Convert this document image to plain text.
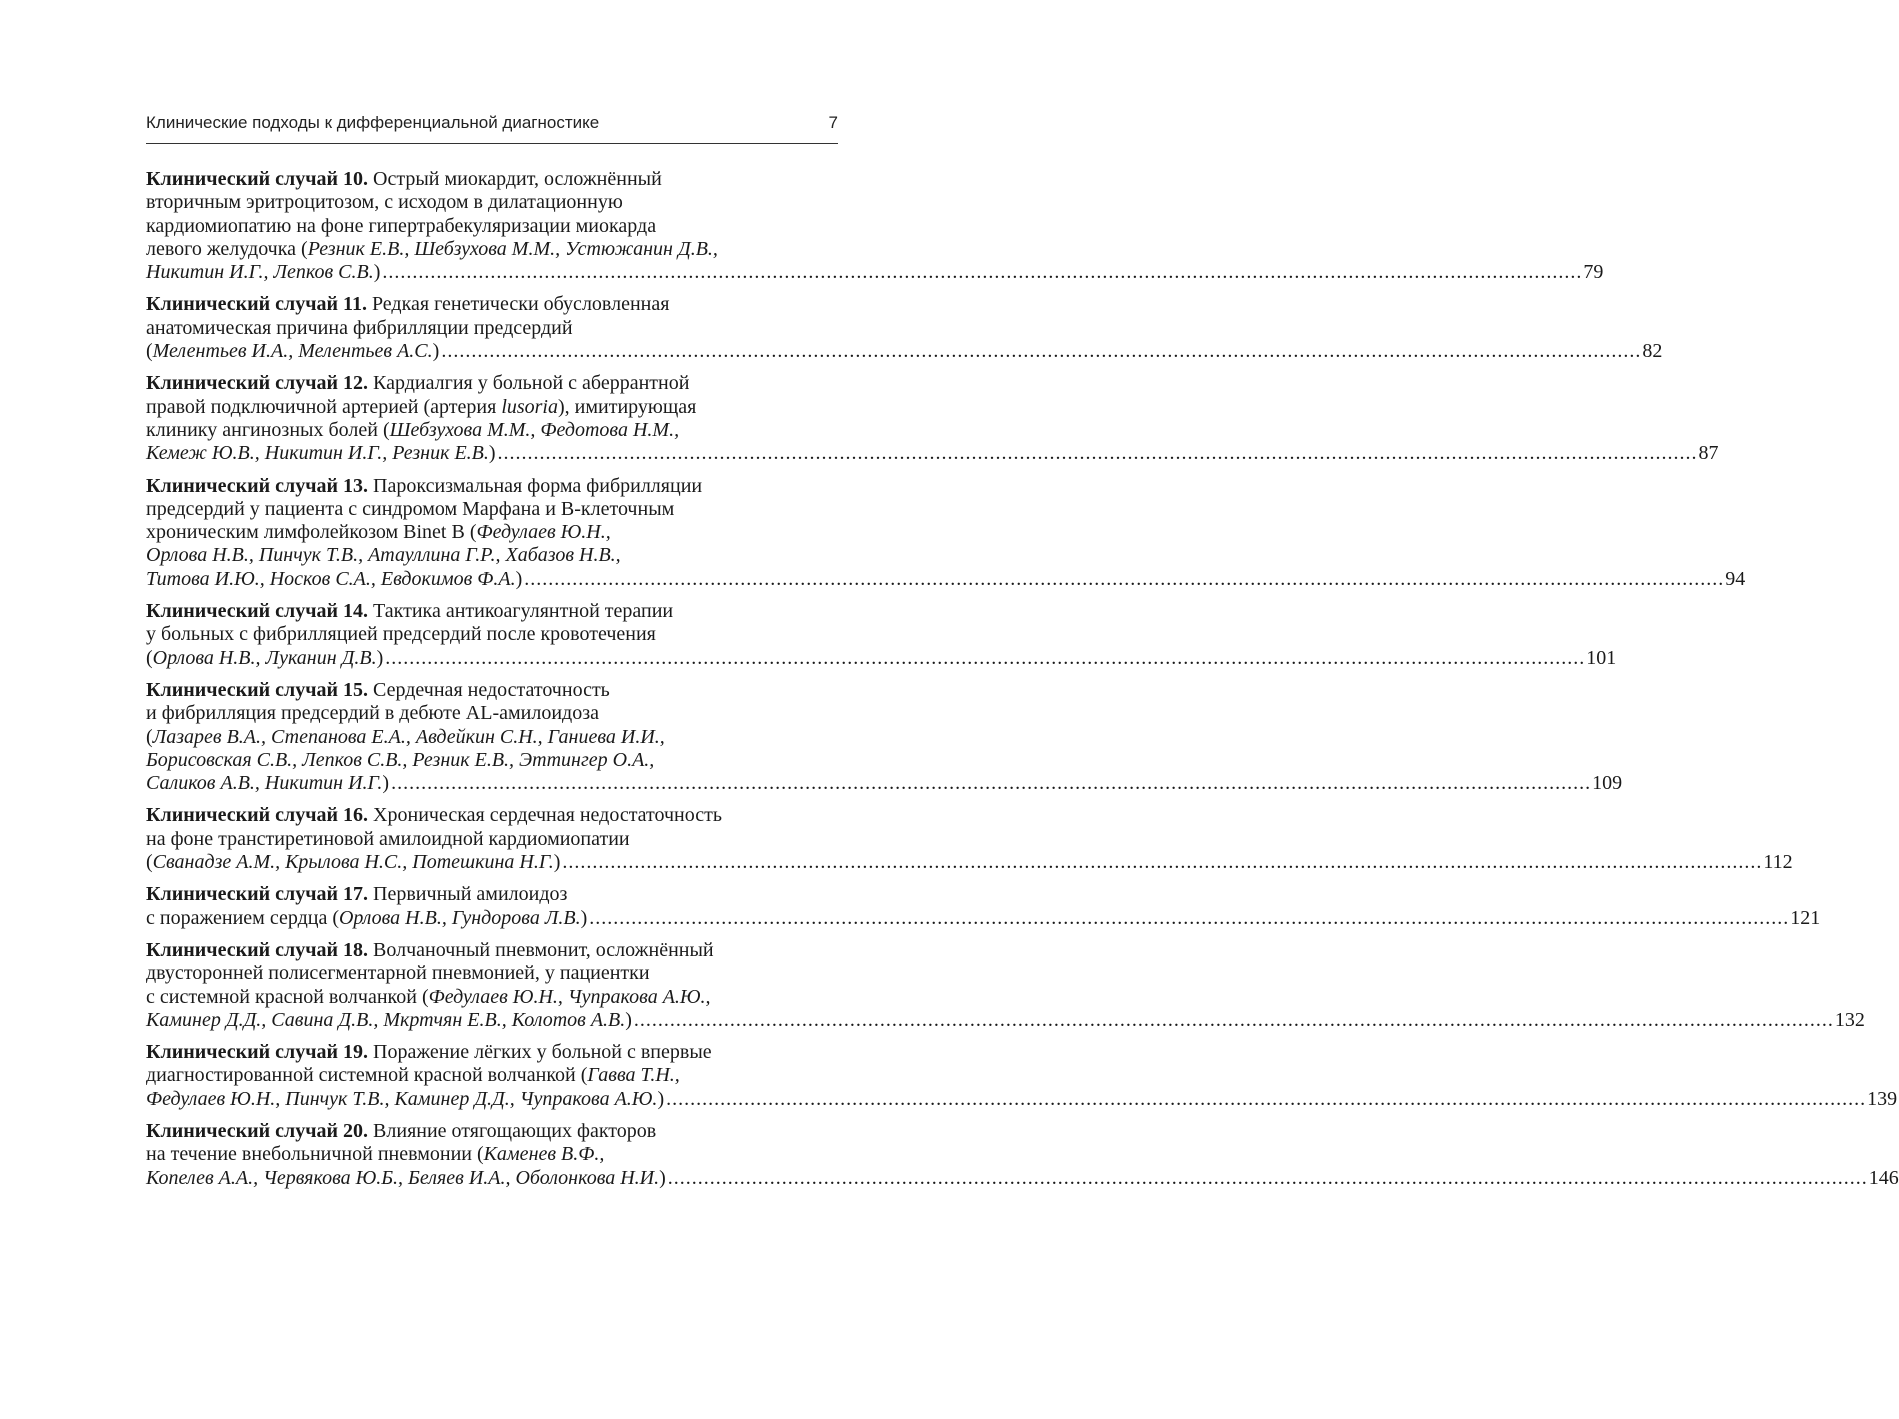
Клинические подходы к дифференциальной диагностике	7
Клинический случай 10. Острый миокардит, осложнённый
вторичным эритроцитозом, с исходом в дилатационную
кардиомиопатию на фоне гипертрабекуляризации миокарда
левого желудочка (Резник Е.В., Шебзухова М.М., Устюжанин Д.В.,
Никитин И.Г., Лепков С.В.) ........................................................................................................................................................................................................ 79
Клинический случай 11. Редкая генетически обусловленная
анатомическая причина фибрилляции предсердий
(Мелентьев И.А., Мелентьев А.С.) ........................................................................................................................................................................................................ 82
Клинический случай 12. Кардиалгия у больной с аберрантной
правой подключичной артерией (артерия lusoria), имитирующая
клинику ангинозных болей (Шебзухова М.М., Федотова Н.М.,
Кемеж Ю.В., Никитин И.Г., Резник Е.В.) ........................................................................................................................................................................................................ 87
Клинический случай 13. Пароксизмальная форма фибрилляции
предсердий у пациента с синдромом Марфана и В-клеточным
хроническим лимфолейкозом Binet B (Федулаев Ю.Н.,
Орлова Н.В., Пинчук Т.В., Атауллина Г.Р., Хабазов Н.В.,
Титова И.Ю., Носков С.А., Евдокимов Ф.А.) ........................................................................................................................................................................................................ 94
Клинический случай 14. Тактика антикоагулянтной терапии
у больных с фибрилляцией предсердий после кровотечения
(Орлова Н.В., Луканин Д.В.) ........................................................................................................................................................................................................ 101
Клинический случай 15. Сердечная недостаточность
и фибрилляция предсердий в дебюте AL-амилоидоза
(Лазарев В.А., Степанова Е.А., Авдейкин С.Н., Ганиева И.И.,
Борисовская С.В., Лепков С.В., Резник Е.В., Эттингер О.А.,
Саликов А.В., Никитин И.Г.) ........................................................................................................................................................................................................ 109
Клинический случай 16. Хроническая сердечная недостаточность
на фоне транстиретиновой амилоидной кардиомиопатии
(Сванадзе А.М., Крылова Н.С., Потешкина Н.Г.) ........................................................................................................................................................................................................ 112
Клинический случай 17. Первичный амилоидоз
с поражением сердца (Орлова Н.В., Гундорова Л.В.) ........................................................................................................................................................................................................ 121
Клинический случай 18. Волчаночный пневмонит, осложнённый
двусторонней полисегментарной пневмонией, у пациентки
с системной красной волчанкой (Федулаев Ю.Н., Чупракова А.Ю.,
Каминер Д.Д., Савина Д.В., Мкртчян Е.В., Колотов А.В.) ........................................................................................................................................................................................................ 132
Клинический случай 19. Поражение лёгких у больной с впервые
диагностированной системной красной волчанкой (Гавва Т.Н.,
Федулаев Ю.Н., Пинчук Т.В., Каминер Д.Д., Чупракова А.Ю.) ........................................................................................................................................................................................................ 139
Клинический случай 20. Влияние отягощающих факторов
на течение внебольничной пневмонии (Каменев В.Ф.,
Копелев А.А., Червякова Ю.Б., Беляев И.А., Оболонкова Н.И.) ........................................................................................................................................................................................................ 146
